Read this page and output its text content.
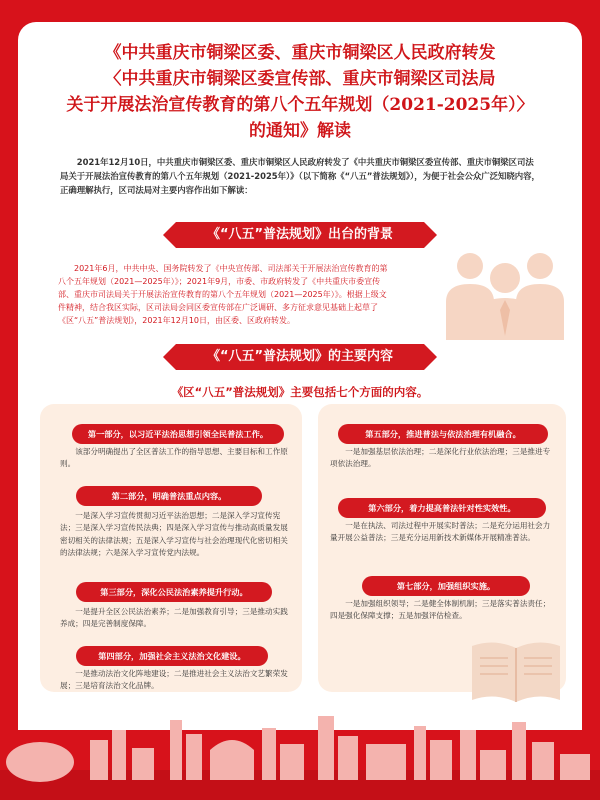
《中共重庆市铜梁区委、重庆市铜梁区人民政府转发
〈中共重庆市铜梁区委宣传部、重庆市铜梁区司法局
关于开展法治宣传教育的第八个五年规划（2021-2025年）〉
的通知》解读

2021年12月10日，中共重庆市铜梁区委、重庆市铜梁区人民政府转发了《中共重庆市铜梁区委宣传部、重庆市铜梁区司法局关于开展法治宣传教育的第八个五年规划（2021-2025年）》（以下简称《“八五”普法规划》），为便于社会公众广泛知晓内容，正确理解执行，区司法局对主要内容作出如下解读：

《“八五”普法规划》出台的背景

2021年6月，中共中央、国务院转发了《中央宣传部、司法部关于开展法治宣传教育的第八个五年规划（2021—2025年）》；2021年9月，市委、市政府转发了《中共重庆市委宣传部、重庆市司法局关于开展法治宣传教育的第八个五年规划（2021—2025年）》。根据上级文件精神，结合我区实际，区司法局会同区委宣传部在广泛调研、多方征求意见基础上起草了《区“八五”普法规划》，2021年12月10日，由区委、区政府转发。

《“八五”普法规划》的主要内容
《区“八五”普法规划》主要包括七个方面的内容。
第一部分，以习近平法治思想引领全民普法工作。

该部分明确提出了全区普法工作的指导思想、主要目标和工作原则。

第二部分，明确普法重点内容。

一是深入学习宣传贯彻习近平法治思想；二是深入学习宣传宪法；三是深入学习宣传民法典；四是深入学习宣传与推动高质量发展密切相关的法律法规；五是深入学习宣传与社会治理现代化密切相关的法律法规；六是深入学习宣传党内法规。

第三部分，深化公民法治素养提升行动。

一是提升全区公民法治素养；二是加强教育引导；三是推动实践养成；四是完善制度保障。

第四部分，加强社会主义法治文化建设。

一是推动法治文化阵地建设；二是推进社会主义法治文艺繁荣发展；三是培育法治文化品牌。

第五部分，推进普法与依法治理有机融合。

一是加强基层依法治理；二是深化行业依法治理；三是推进专项依法治理。

第六部分，着力提高普法针对性实效性。

一是在执法、司法过程中开展实时普法；二是充分运用社会力量开展公益普法；三是充分运用新技术新媒体开展精准普法。

第七部分，加强组织实施。

一是加强组织领导；二是健全体制机制；三是落实普法责任；四是强化保障支撑；五是加强评估检查。
